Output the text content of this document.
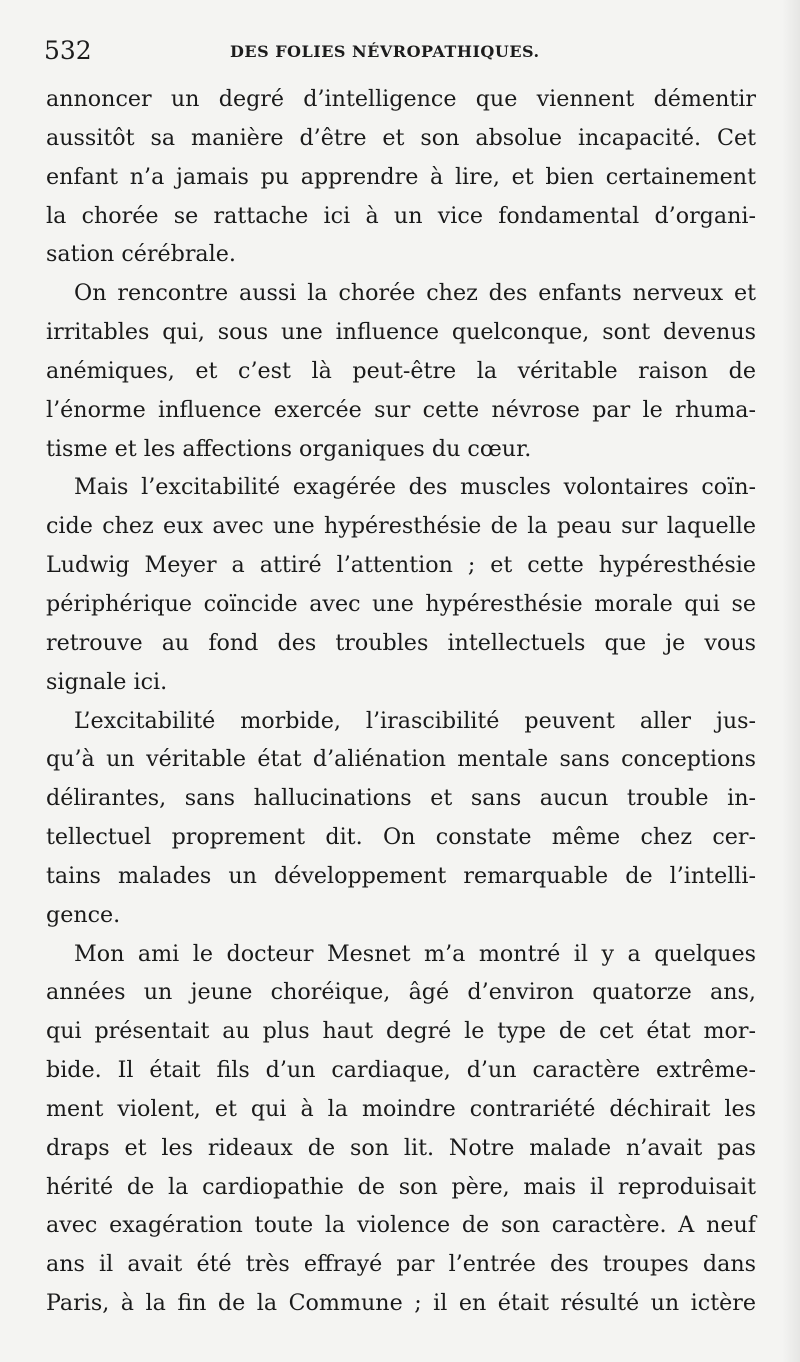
532	DES FOLIES NÉVROPATHIQUES.
annoncer un degré d’intelligence que viennent démentir
aussitôt sa manière d’être et son absolue incapacité. Cet
enfant n’a jamais pu apprendre à lire, et bien certainement
la chorée se rattache ici à un vice fondamental d’organi-
sation cérébrale.
On rencontre aussi la chorée chez des enfants nerveux et
irritables qui, sous une influence quelconque, sont devenus
anémiques, et c’est là peut-être la véritable raison de
l’énorme influence exercée sur cette névrose par le rhuma-
tisme et les affections organiques du cœur.
Mais l’excitabilité exagérée des muscles volontaires coïn-
cide chez eux avec une hypéresthésie de la peau sur laquelle
Ludwig Meyer a attiré l’attention ; et cette hypéresthésie
périphérique coïncide avec une hypéresthésie morale qui se
retrouve au fond des troubles intellectuels que je vous
signale ici.
L’excitabilité morbide, l’irascibilité peuvent aller jus-
qu’à un véritable état d’aliénation mentale sans conceptions
délirantes, sans hallucinations et sans aucun trouble in-
tellectuel proprement dit. On constate même chez cer-
tains malades un développement remarquable de l’intelli-
gence.
Mon ami le docteur Mesnet m’a montré il y a quelques
années un jeune choréique, âgé d’environ quatorze ans,
qui présentait au plus haut degré le type de cet état mor-
bide. Il était fils d’un cardiaque, d’un caractère extrême-
ment violent, et qui à la moindre contrariété déchirait les
draps et les rideaux de son lit. Notre malade n’avait pas
hérité de la cardiopathie de son père, mais il reproduisait
avec exagération toute la violence de son caractère. A neuf
ans il avait été très effrayé par l’entrée des troupes dans
Paris, à la fin de la Commune ; il en était résulté un ictère
